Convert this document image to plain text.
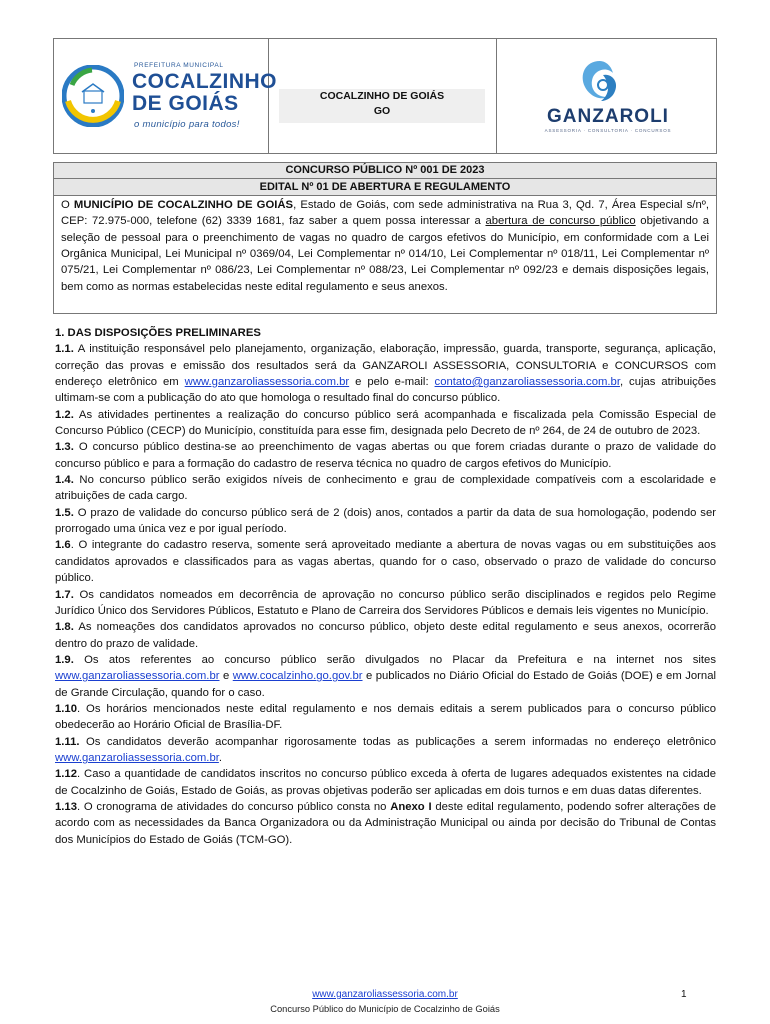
PREFEITURA MUNICIPAL
COCALZINHO
DE GOIÁS
o município para todos!
COCALZINHO DE GOIÁS
GO	GANZAROLI
ASSESSORIA · CONSULTORIA · CONCURSOS
CONCURSO PÚBLICO Nº 001 DE 2023
EDITAL Nº 01 DE ABERTURA E REGULAMENTO
O MUNICÍPIO DE COCALZINHO DE GOIÁS, Estado de Goiás, com sede administrativa na Rua 3, Qd. 7, Área Especial s/nº, CEP: 72.975-000, telefone (62) 3339 1681, faz saber a quem possa interessar a abertura de concurso público objetivando a seleção de pessoal para o preenchimento de vagas no quadro de cargos efetivos do Município, em conformidade com a Lei Orgânica Municipal, Lei Municipal nº 0369/04, Lei Complementar nº 014/10, Lei Complementar nº 018/11, Lei Complementar nº 075/21, Lei Complementar nº 086/23, Lei Complementar nº 088/23, Lei Complementar nº 092/23 e demais disposições legais, bem como as normas estabelecidas neste edital regulamento e seus anexos.

1. DAS DISPOSIÇÕES PRELIMINARES

1.1. A instituição responsável pelo planejamento, organização, elaboração, impressão, guarda, transporte, segurança, aplicação, correção das provas e emissão dos resultados será da GANZAROLI ASSESSORIA, CONSULTORIA e CONCURSOS com endereço eletrônico em www.ganzaroliassessoria.com.br e pelo e-mail: contato@ganzaroliassessoria.com.br, cujas atribuições ultimam-se com a publicação do ato que homologa o resultado final do concurso público.

1.2. As atividades pertinentes a realização do concurso público será acompanhada e fiscalizada pela Comissão Especial de Concurso Público (CECP) do Município, constituída para esse fim, designada pelo Decreto de nº 264, de 24 de outubro de 2023.

1.3. O concurso público destina-se ao preenchimento de vagas abertas ou que forem criadas durante o prazo de validade do concurso público e para a formação do cadastro de reserva técnica no quadro de cargos efetivos do Município.

1.4. No concurso público serão exigidos níveis de conhecimento e grau de complexidade compatíveis com a escolaridade e atribuições de cada cargo.

1.5. O prazo de validade do concurso público será de 2 (dois) anos, contados a partir da data de sua homologação, podendo ser prorrogado uma única vez e por igual período.

1.6. O integrante do cadastro reserva, somente será aproveitado mediante a abertura de novas vagas ou em substituições aos candidatos aprovados e classificados para as vagas abertas, quando for o caso, observado o prazo de validade do concurso público.

1.7. Os candidatos nomeados em decorrência de aprovação no concurso público serão disciplinados e regidos pelo Regime Jurídico Único dos Servidores Públicos, Estatuto e Plano de Carreira dos Servidores Públicos e demais leis vigentes no Município.

1.8. As nomeações dos candidatos aprovados no concurso público, objeto deste edital regulamento e seus anexos, ocorrerão dentro do prazo de validade.

1.9. Os atos referentes ao concurso público serão divulgados no Placar da Prefeitura e na internet nos sites www.ganzaroliassessoria.com.br e www.cocalzinho.go.gov.br e publicados no Diário Oficial do Estado de Goiás (DOE) e em Jornal de Grande Circulação, quando for o caso.

1.10. Os horários mencionados neste edital regulamento e nos demais editais a serem publicados para o concurso público obedecerão ao Horário Oficial de Brasília-DF.

1.11. Os candidatos deverão acompanhar rigorosamente todas as publicações a serem informadas no endereço eletrônico www.ganzaroliassessoria.com.br.

1.12. Caso a quantidade de candidatos inscritos no concurso público exceda à oferta de lugares adequados existentes na cidade de Cocalzinho de Goiás, Estado de Goiás, as provas objetivas poderão ser aplicadas em dois turnos e em duas datas diferentes.

1.13. O cronograma de atividades do concurso público consta no Anexo I deste edital regulamento, podendo sofrer alterações de acordo com as necessidades da Banca Organizadora ou da Administração Municipal ou ainda por decisão do Tribunal de Contas dos Municípios do Estado de Goiás (TCM-GO).

www.ganzaroliassessoria.com.br	1
Concurso Público do Município de Cocalzinho de Goiás
